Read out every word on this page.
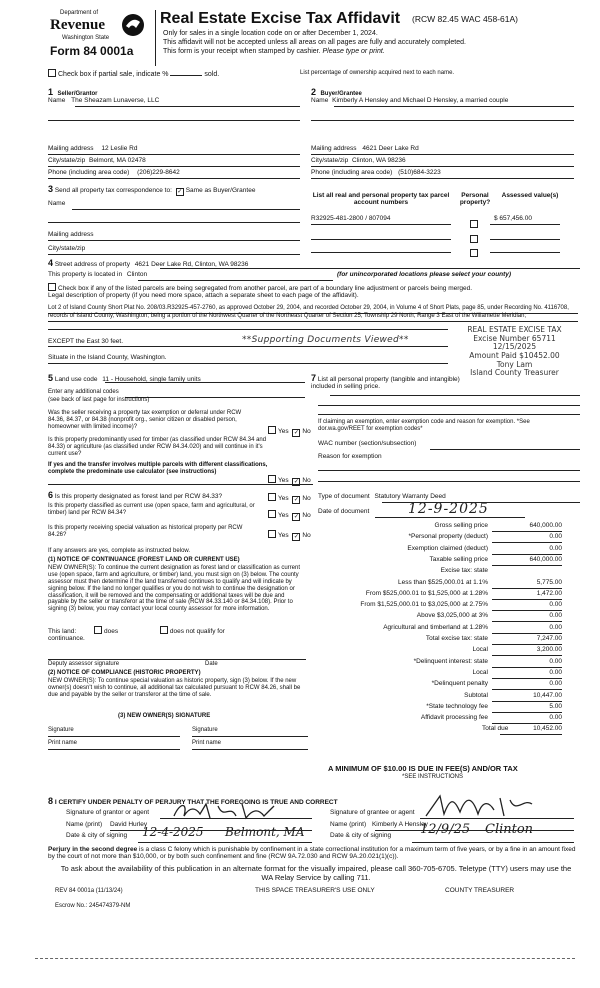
Department of
Revenue
Washington State
Form 84 0001a
Real Estate Excise Tax Affidavit (RCW 82.45 WAC 458-61A)
Only for sales in a single location code on or after December 1, 2024.
This affidavit will not be accepted unless all areas on all pages are fully and accurately completed.
This form is your receipt when stamped by cashier. Please type or print.
Check box if partial sale, indicate %	sold.	List percentage of ownership acquired next to each name.
1 Seller/Grantor
Name The Sheazam Lunaverse, LLC
Mailing address 12 Leslie Rd
City/state/zip Belmont, MA 02478
Phone (including area code) (206)229-8642
2 Buyer/Grantee
Name Kimberly A Hensley and Michael D Hensley, a married couple
Mailing address 4621 Deer Lake Rd
City/state/zip Clinton, WA 98236
Phone (including area code) (510)684-3223
3 Send all property tax correspondence to: ✓ Same as Buyer/Grantee
Name
Mailing address
City/state/zip
List all real and personal property tax parcel account numbers
Personal property?
Assessed value(s)
R32925-481-2800 / 807094	$ 657,456.00
4 Street address of property 4621 Deer Lake Rd, Clinton, WA 98236
This property is located in Clinton	(for unincorporated locations please select your county)
Check box if any of the listed parcels are being segregated from another parcel, are part of a boundary line adjustment or parcels being merged.
Legal description of property (if you need more space, attach a separate sheet to each page of the affidavit).
Lot 2 of Island County Short Plat No. 208/03.R32925-457-2760, as approved October 29, 2004, and recorded October 29, 2004, in Volume 4 of Short Plats, page 85, under Recording No. 4116708, records of Island County, Washington; being a portion of the Northwest Quarter of the Northeast Quarter of Section 25, Township 29 North, Range 3 East of the Willamette Meridian;
EXCEPT the East 30 feet.	**Supporting Documents Viewed**
Situate in the Island County, Washington.
REAL ESTATE EXCISE TAX
Excise Number 65711
12/15/2025
Amount Paid $10452.00
Tony Lam
Island County Treasurer
5 Land use code 11 - Household, single family units
Enter any additional codes
(see back of last page for instructions)
Was the seller receiving a property tax exemption or deferral under RCW 84.36, 84.37, or 84.38 (nonprofit org., senior citizen or disabled person, homeowner with limited income)?
Yes ✓ No
Is this property predominantly used for timber (as classified under RCW 84.34 and 84.33) or agriculture (as classified under RCW 84.34.020) and will continue in it's current use?
If yes and the transfer involves multiple parcels with different classifications, complete the predominate use calculator (see instructions)
Yes ✓ No
7 List all personal property (tangible and intangible) included in selling price.
If claiming an exemption, enter exemption code and reason for exemption. *See dor.wa.gov/REET for exemption codes*
WAC number (section/subsection)
Reason for exemption
6 Is this property designated as forest land per RCW 84.33?	Yes ✓ No
Is this property classified as current use (open space, farm and agricultural, or timber) land per RCW 84.34?	Yes ✓ No
Is this property receiving special valuation as historical property per RCW 84.26?	Yes ✓ No
If any answers are yes, complete as instructed below.
(1) NOTICE OF CONTINUANCE (FOREST LAND OR CURRENT USE)
NEW OWNER(S): To continue the current designation as forest land or classification as current use (open space, farm and agriculture, or timber) land, you must sign on (3) below. The county assessor must then determine if the land transferred continues to qualify and will indicate by signing below. If the land no longer qualifies or you do not wish to continue the designation or classification, it will be removed and the compensating or additional taxes will be due and payable by the seller or transferor at the time of sale (RCW 84.33.140 or 84.34.108). Prior to signing (3) below, you may contact your local county assessor for more information.
This land:	does	does not qualify for
continuance.
Deputy assessor signature	Date
(2) NOTICE OF COMPLIANCE (HISTORIC PROPERTY)
NEW OWNER(S): To continue special valuation as historic property, sign (3) below. If the new owner(s) doesn't wish to continue, all additional tax calculated pursuant to RCW 84.26, shall be due and payable by the seller or transferor at the time of sale.
(3) NEW OWNER(S) SIGNATURE
Signature	Signature
Print name	Print name
Type of document Statutory Warranty Deed
Date of document	12-9-2025
Gross selling price	640,000.00
*Personal property (deduct)	0.00
Exemption claimed (deduct)	0.00
Taxable selling price	640,000.00
Excise tax: state
Less than $525,000.01 at 1.1%	5,775.00
From $525,000.01 to $1,525,000 at 1.28%	1,472.00
From $1,525,000.01 to $3,025,000 at 2.75%	0.00
Above $3,025,000 at 3%	0.00
Agricultural and timberland at 1.28%	0.00
Total excise tax: state	7,247.00
Local	3,200.00
*Delinquent interest: state	0.00
Local	0.00
*Delinquent penalty	0.00
Subtotal	10,447.00
*State technology fee	5.00
Affidavit processing fee	0.00
Total due	10,452.00
A MINIMUM OF $10.00 IS DUE IN FEE(S) AND/OR TAX
*SEE INSTRUCTIONS
8 I CERTIFY UNDER PENALTY OF PERJURY THAT THE FOREGOING IS TRUE AND CORRECT
Signature of grantor or agent
Name (print) David Hurley
Date & city of signing 12-4-2025 Belmont, MA
Signature of grantee or agent
Name (print) Kimberly A Hensley
Date & city of signing 12/9/25 Clinton
Perjury in the second degree is a class C felony which is punishable by confinement in a state correctional institution for a maximum term of five years, or by a fine in an amount fixed by the court of not more than $10,000, or by both such confinement and fine (RCW 9A.72.030 and RCW 9A.20.021(1)(c)).
To ask about the availability of this publication in an alternate format for the visually impaired, please call 360-705-6705. Teletype (TTY) users may use the WA Relay Service by calling 711.
REV 84 0001a (11/13/24)	THIS SPACE TREASURER'S USE ONLY	COUNTY TREASURER
Escrow No.: 245474379-NM
